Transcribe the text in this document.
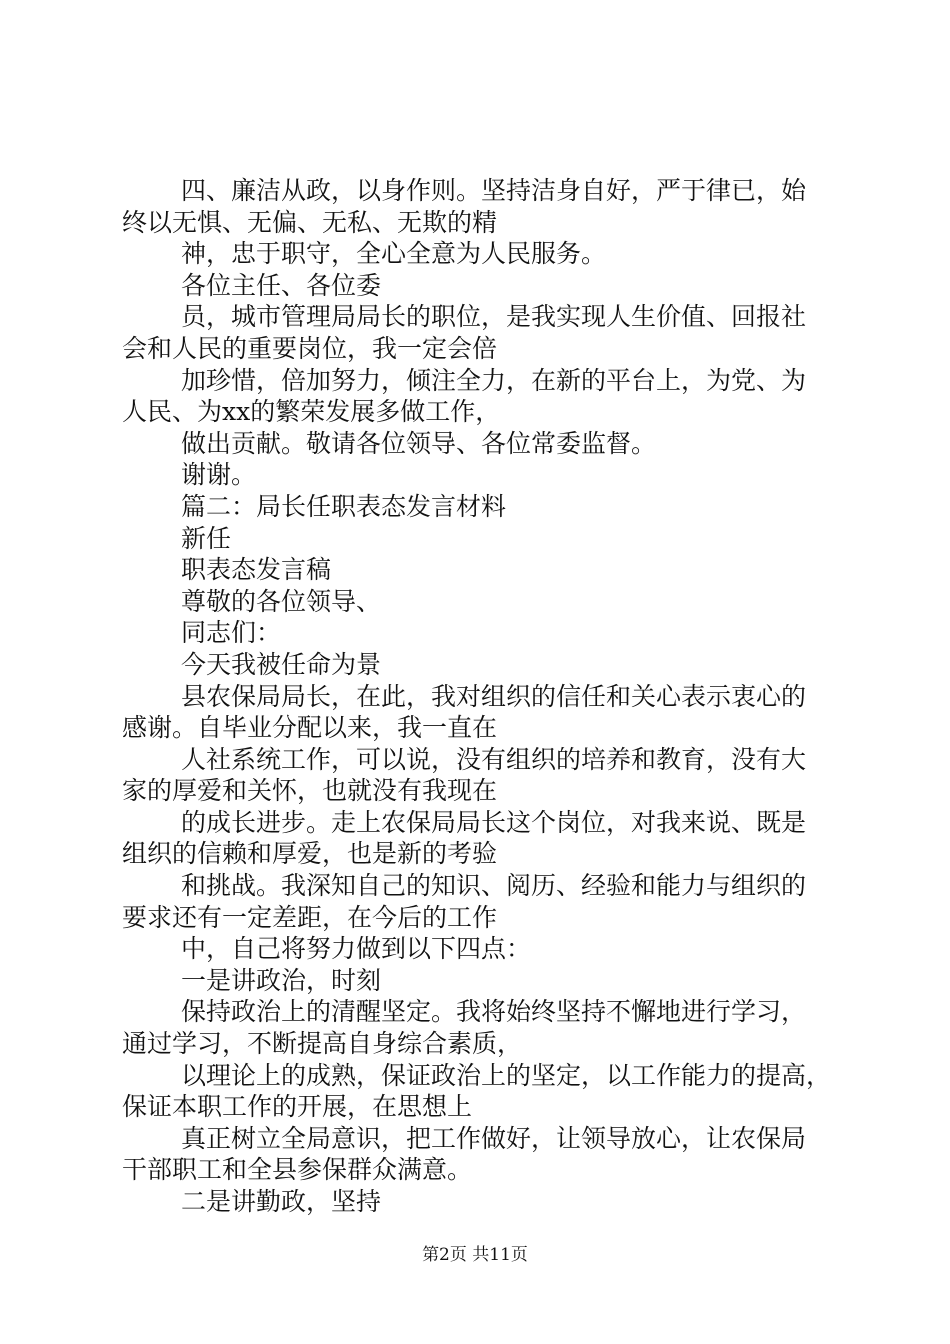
四、廉洁从政，以身作则。坚持洁身自好，严于律已，始
终以无惧、无偏、无私、无欺的精
神，忠于职守，全心全意为人民服务。
各位主任、各位委
员，城市管理局局长的职位，是我实现人生价值、回报社
会和人民的重要岗位，我一定会倍
加珍惜，倍加努力，倾注全力，在新的平台上，为党、为
人民、为xx的繁荣发展多做工作，
做出贡献。敬请各位领导、各位常委监督。
谢谢。
篇二：局长任职表态发言材料
新任
职表态发言稿
尊敬的各位领导、
同志们：
今天我被任命为景
县农保局局长，在此，我对组织的信任和关心表示衷心的
感谢。自毕业分配以来，我一直在
人社系统工作，可以说，没有组织的培养和教育，没有大
家的厚爱和关怀，也就没有我现在
的成长进步。走上农保局局长这个岗位，对我来说、既是
组织的信赖和厚爱，也是新的考验
和挑战。我深知自己的知识、阅历、经验和能力与组织的
要求还有一定差距，在今后的工作
中，自己将努力做到以下四点：
一是讲政治，时刻
保持政治上的清醒坚定。我将始终坚持不懈地进行学习，
通过学习，不断提高自身综合素质，
以理论上的成熟，保证政治上的坚定，以工作能力的提高，
保证本职工作的开展，在思想上
真正树立全局意识，把工作做好，让领导放心，让农保局
干部职工和全县参保群众满意。
二是讲勤政，坚持
第2页 共11页
